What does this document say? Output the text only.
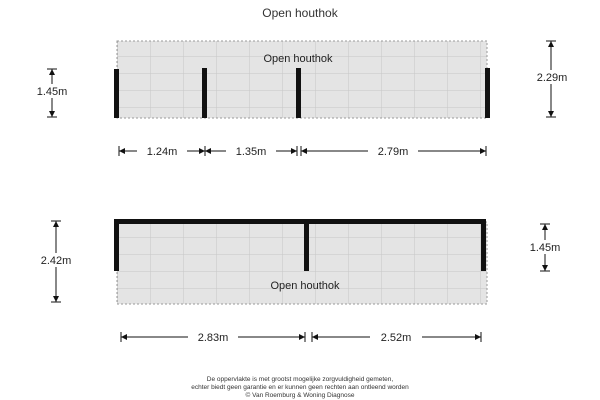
Open houthok
Open houthok
1.45m
2.29m
1.24m	1.35m	2.79m
Open houthok
2.42m
1.45m
2.83m	2.52m
De oppervlakte is met grootst mogelijke zorgvuldigheid gemeten,
echter biedt geen garantie en er kunnen geen rechten aan ontleend worden
© Van Roemburg & Woning Diagnose
